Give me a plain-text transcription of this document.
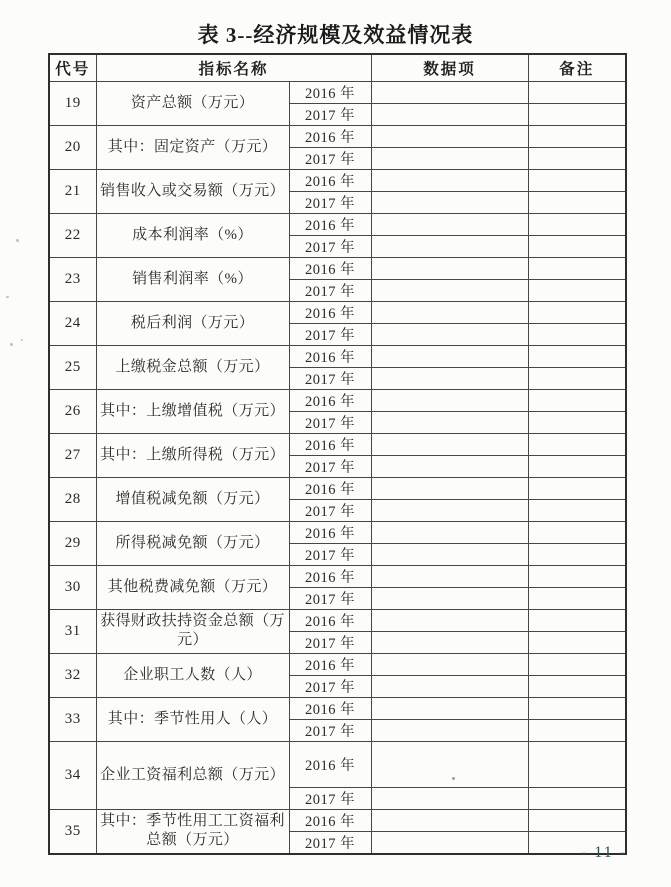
表 3--经济规模及效益情况表
代号	指标名称		数据项	备注
19	资产总额（万元）	2016 年		
		2017 年		
20	其中：固定资产（万元）	2016 年		
		2017 年		
21	销售收入或交易额（万元）	2016 年		
		2017 年		
22	成本利润率（%）	2016 年		
		2017 年		
23	销售利润率（%）	2016 年		
		2017 年		
24	税后利润（万元）	2016 年		
		2017 年		
25	上缴税金总额（万元）	2016 年		
		2017 年		
26	其中：上缴增值税（万元）	2016 年		
		2017 年		
27	其中：上缴所得税（万元）	2016 年		
		2017 年		
28	增值税减免额（万元）	2016 年		
		2017 年		
29	所得税减免额（万元）	2016 年		
		2017 年		
30	其他税费减免额（万元）	2016 年		
		2017 年		
31	获得财政扶持资金总额（万元）	2016 年		
		2017 年		
32	企业职工人数（人）	2016 年		
		2017 年		
33	其中：季节性用人（人）	2016 年		
		2017 年		
34	企业工资福利总额（万元）	2016 年		
		2017 年		
35	其中：季节性用工工资福利总额（万元）	2016 年		
		2017 年		
- 11 -
